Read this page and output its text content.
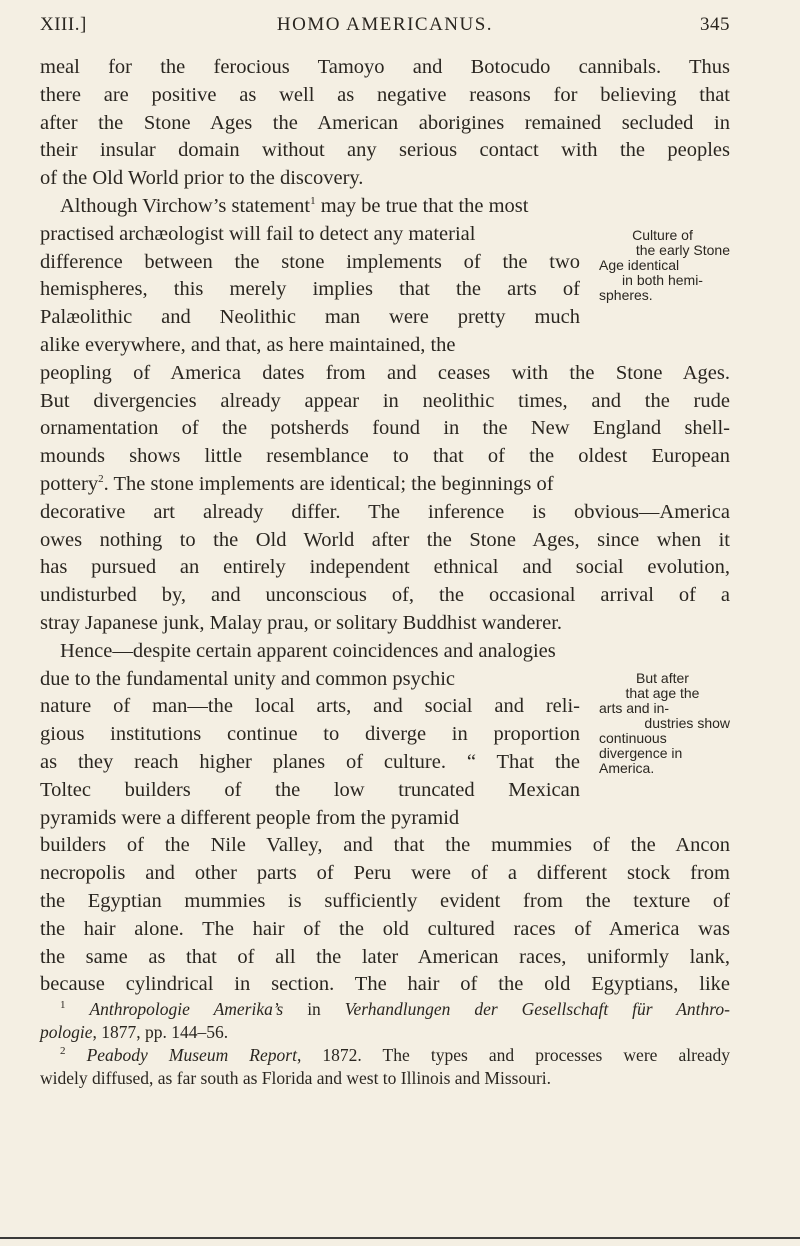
XIII.]	HOMO AMERICANUS.	345
meal for the ferocious Tamoyo and Botocudo cannibals. Thus
there are positive as well as negative reasons for believing that
after the Stone Ages the American aborigines remained secluded in
their insular domain without any serious contact with the peoples
of the Old World prior to the discovery.
Although Virchow’s statement$^1$ may be true that the most
practised archæologist will fail to detect any material
difference between the stone implements of the two
hemispheres, this merely implies that the arts of
Palæolithic and Neolithic man were pretty much
alike everywhere, and that, as here maintained, the
peopling of America dates from and ceases with the Stone Ages.
But divergencies already appear in neolithic times, and the rude
ornamentation of the potsherds found in the New England shell-
mounds shows little resemblance to that of the oldest European
pottery$^2$. The stone implements are identical; the beginnings of
decorative art already differ. The inference is obvious—America
owes nothing to the Old World after the Stone Ages, since when it
has pursued an entirely independent ethnical and social evolution,
undisturbed by, and unconscious of, the occasional arrival of a
stray Japanese junk, Malay prau, or solitary Buddhist wanderer.
Hence—despite certain apparent coincidences and analogies
due to the fundamental unity and common psychic
nature of man—the local arts, and social and reli-
gious institutions continue to diverge in proportion
as they reach higher planes of culture. “ That the
Toltec builders of the low truncated Mexican
pyramids were a different people from the pyramid
builders of the Nile Valley, and that the mummies of the Ancon
necropolis and other parts of Peru were of a different stock from
the Egyptian mummies is sufficiently evident from the texture of
the hair alone. The hair of the old cultured races of America was
the same as that of all the later American races, uniformly lank,
because cylindrical in section. The hair of the old Egyptians, like
Culture of
the early Stone
Age identical
in both hemi-
spheres.
But after
that age the
arts and in-
dustries show
continuous
divergence in
America.
$^1$ Anthropologie Amerika’s in Verhandlungen der Gesellschaft für Anthro-
pologie, 1877, pp. 144–56.
$^2$ Peabody Museum Report, 1872. The types and processes were already
widely diffused, as far south as Florida and west to Illinois and Missouri.
